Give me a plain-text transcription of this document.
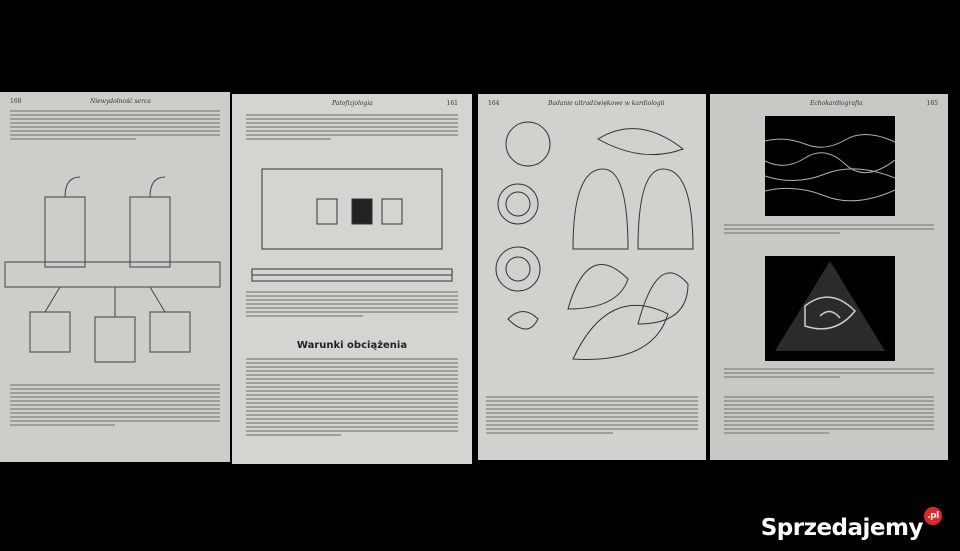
160	Niewydolność serca	Patofizjologia	161
Warunki obciążenia
164	Badanie ultradźwiękowe w kardiologii	Echokardiografia	165
Sprzedajemy .pl
